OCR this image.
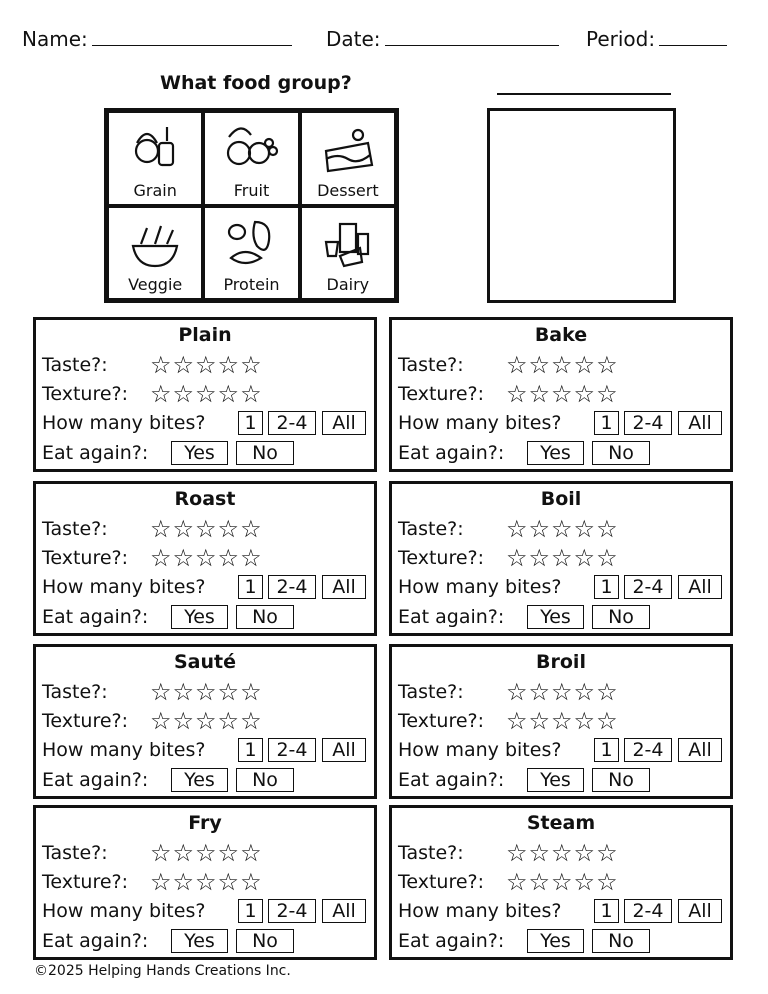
Name:	Date:	Period:
What food group?
Grain	Fruit	Dessert
Veggie	Protein	Dairy
Plain
Taste?: ☆☆☆☆☆
Texture?: ☆☆☆☆☆
How many bites?	1	2-4	All
Eat again?:	Yes	No
Bake
Taste?: ☆☆☆☆☆
Texture?: ☆☆☆☆☆
How many bites?	1	2-4	All
Eat again?:	Yes	No
Roast
Taste?: ☆☆☆☆☆
Texture?: ☆☆☆☆☆
How many bites?	1	2-4	All
Eat again?:	Yes	No
Boil
Taste?: ☆☆☆☆☆
Texture?: ☆☆☆☆☆
How many bites?	1	2-4	All
Eat again?:	Yes	No
Sauté
Taste?: ☆☆☆☆☆
Texture?: ☆☆☆☆☆
How many bites?	1	2-4	All
Eat again?:	Yes	No
Broil
Taste?: ☆☆☆☆☆
Texture?: ☆☆☆☆☆
How many bites?	1	2-4	All
Eat again?:	Yes	No
Fry
Taste?: ☆☆☆☆☆
Texture?: ☆☆☆☆☆
How many bites?	1	2-4	All
Eat again?:	Yes	No
Steam
Taste?: ☆☆☆☆☆
Texture?: ☆☆☆☆☆
How many bites?	1	2-4	All
Eat again?:	Yes	No
©2025 Helping Hands Creations Inc.
